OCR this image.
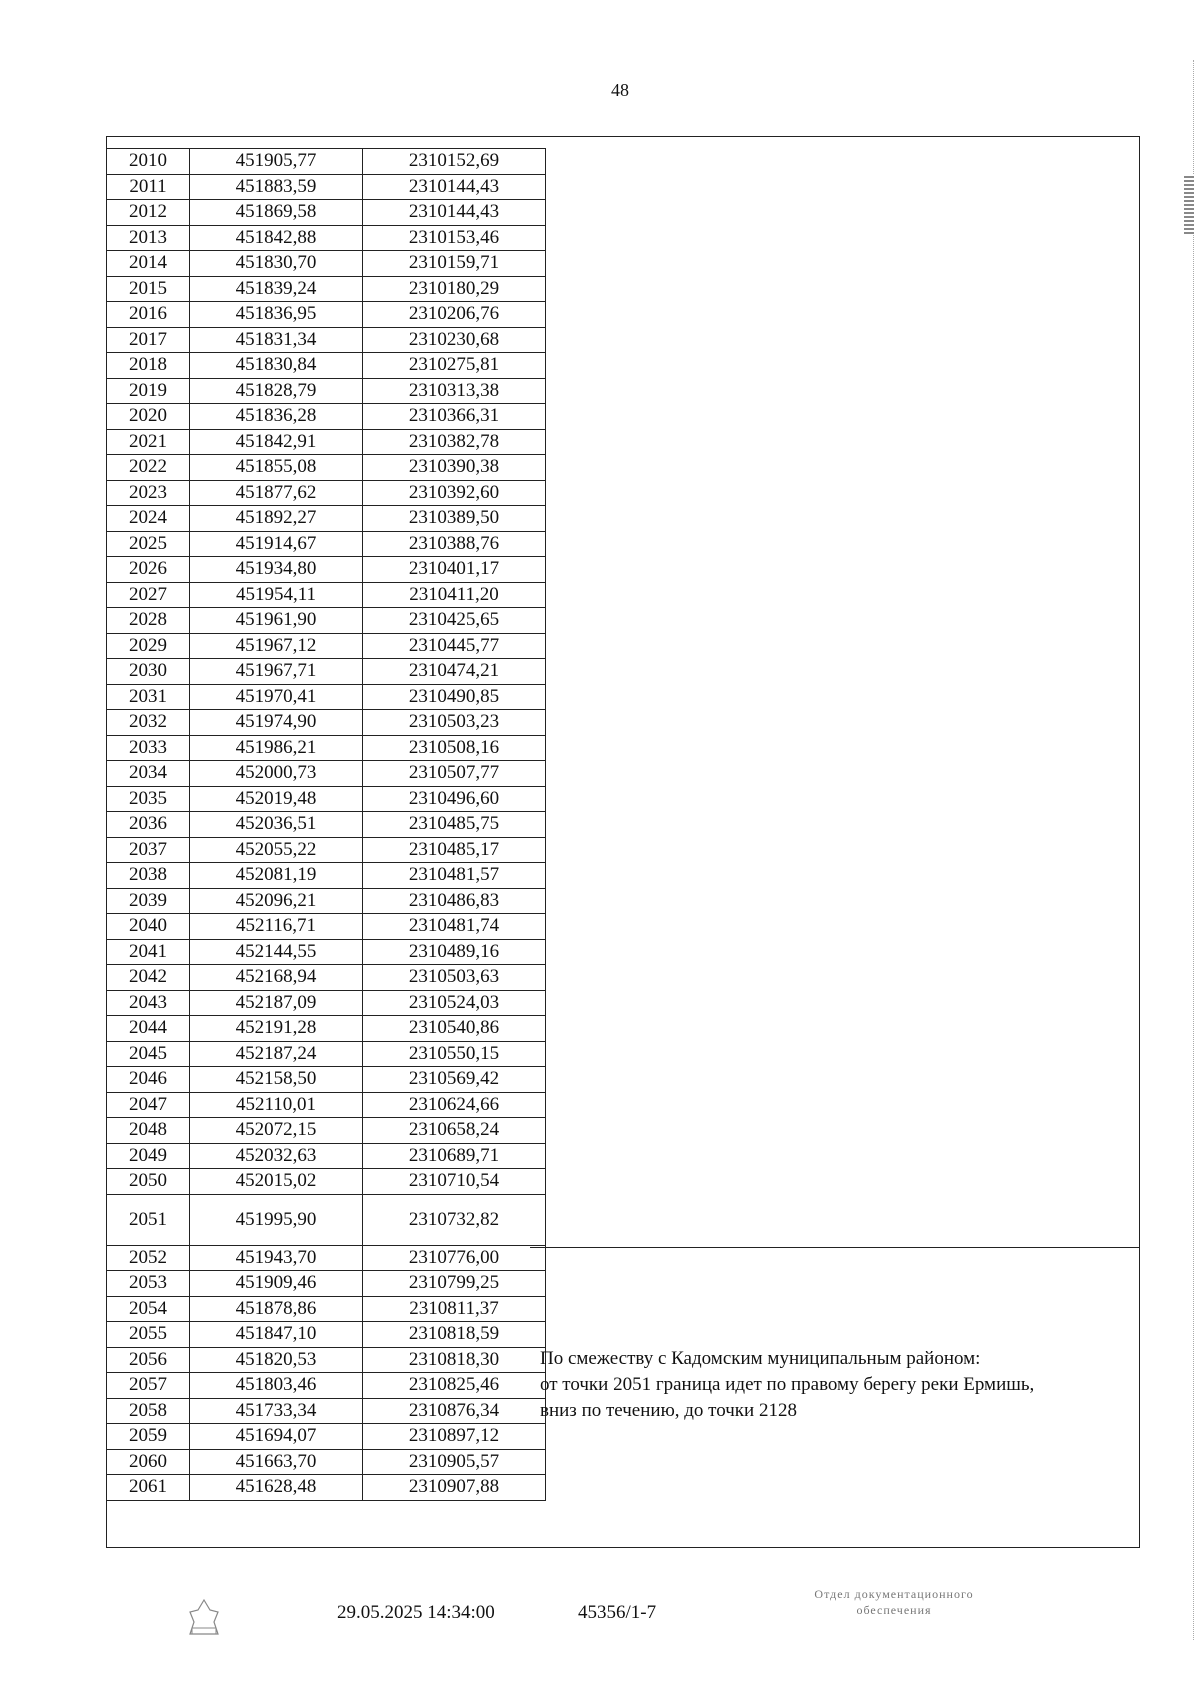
48
2010	451905,77	2310152,69
2011	451883,59	2310144,43
2012	451869,58	2310144,43
2013	451842,88	2310153,46
2014	451830,70	2310159,71
2015	451839,24	2310180,29
2016	451836,95	2310206,76
2017	451831,34	2310230,68
2018	451830,84	2310275,81
2019	451828,79	2310313,38
2020	451836,28	2310366,31
2021	451842,91	2310382,78
2022	451855,08	2310390,38
2023	451877,62	2310392,60
2024	451892,27	2310389,50
2025	451914,67	2310388,76
2026	451934,80	2310401,17
2027	451954,11	2310411,20
2028	451961,90	2310425,65
2029	451967,12	2310445,77
2030	451967,71	2310474,21
2031	451970,41	2310490,85
2032	451974,90	2310503,23
2033	451986,21	2310508,16
2034	452000,73	2310507,77
2035	452019,48	2310496,60
2036	452036,51	2310485,75
2037	452055,22	2310485,17
2038	452081,19	2310481,57
2039	452096,21	2310486,83
2040	452116,71	2310481,74
2041	452144,55	2310489,16
2042	452168,94	2310503,63
2043	452187,09	2310524,03
2044	452191,28	2310540,86
2045	452187,24	2310550,15
2046	452158,50	2310569,42
2047	452110,01	2310624,66
2048	452072,15	2310658,24
2049	452032,63	2310689,71
2050	452015,02	2310710,54
2051	451995,90	2310732,82
2052	451943,70	2310776,00
2053	451909,46	2310799,25
2054	451878,86	2310811,37
2055	451847,10	2310818,59
2056	451820,53	2310818,30
2057	451803,46	2310825,46
2058	451733,34	2310876,34
2059	451694,07	2310897,12
2060	451663,70	2310905,57
2061	451628,48	2310907,88
По смежеству с Кадомским муниципальным районом:
от точки 2051 граница идет по правому берегу реки Ермишь,
вниз по течению, до точки 2128
29.05.2025 14:34:00	45356/1-7
Отдел документационного
обеспечения
